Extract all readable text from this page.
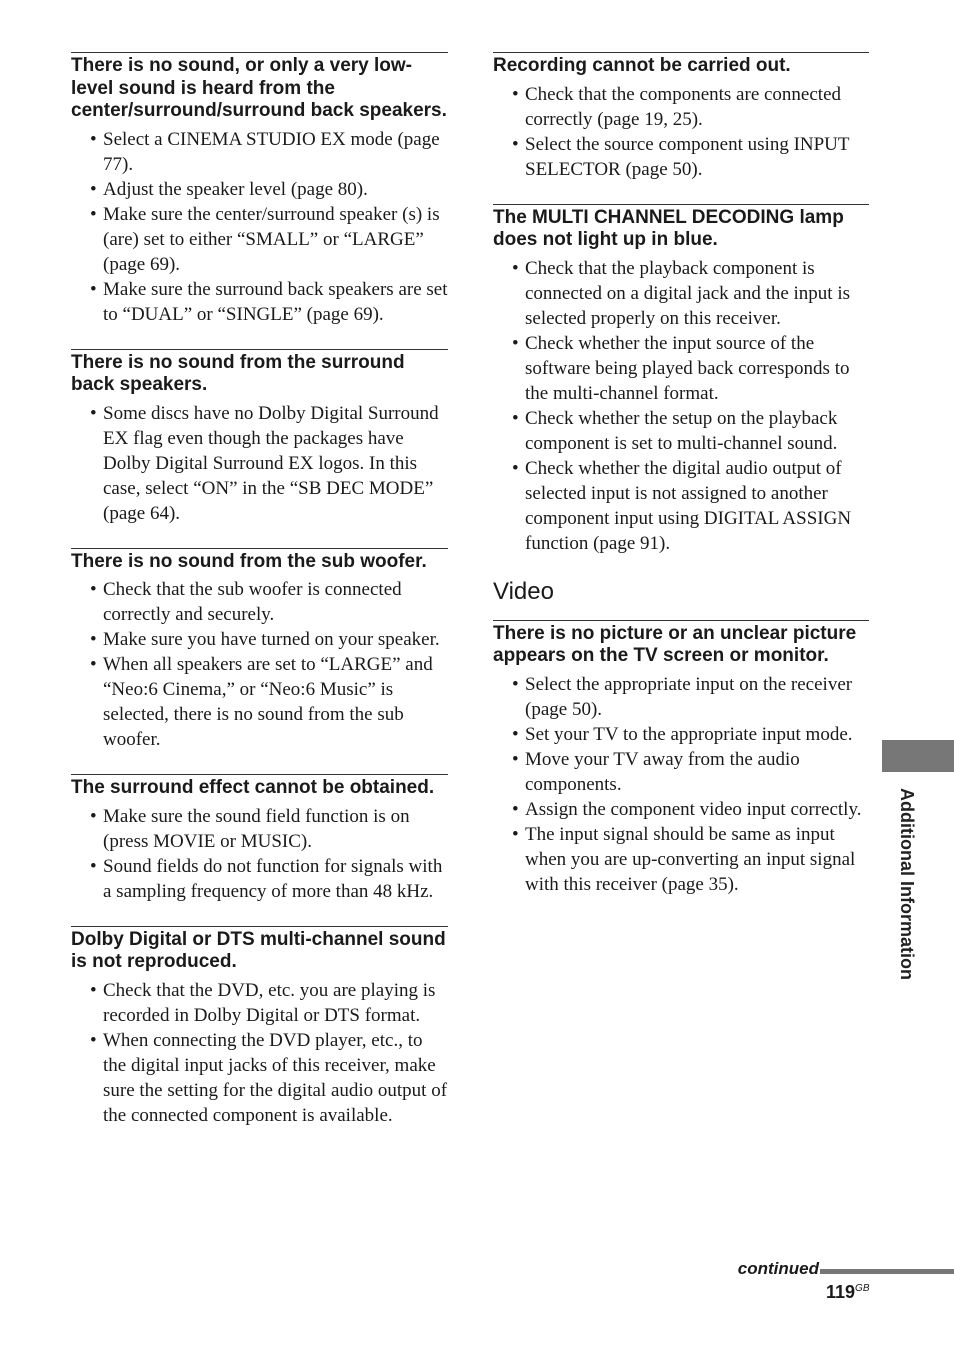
There is no sound, or only a very low-level sound is heard from the center/surround/surround back speakers.
• Select a CINEMA STUDIO EX mode (page 77).
• Adjust the speaker level (page 80).
• Make sure the center/surround speaker (s) is (are) set to either “SMALL” or “LARGE” (page 69).
• Make sure the surround back speakers are set to “DUAL” or “SINGLE” (page 69).
There is no sound from the surround back speakers.
• Some discs have no Dolby Digital Surround EX flag even though the packages have Dolby Digital Surround EX logos. In this case, select “ON” in the “SB DEC MODE” (page 64).
There is no sound from the sub woofer.
• Check that the sub woofer is connected correctly and securely.
• Make sure you have turned on your speaker.
• When all speakers are set to “LARGE” and “Neo:6 Cinema,” or “Neo:6 Music” is selected, there is no sound from the sub woofer.
The surround effect cannot be obtained.
• Make sure the sound field function is on (press MOVIE or MUSIC).
• Sound fields do not function for signals with a sampling frequency of more than 48 kHz.
Dolby Digital or DTS multi-channel sound is not reproduced.
• Check that the DVD, etc. you are playing is recorded in Dolby Digital or DTS format.
• When connecting the DVD player, etc., to the digital input jacks of this receiver, make sure the setting for the digital audio output of the connected component is available.
Recording cannot be carried out.
• Check that the components are connected correctly (page 19, 25).
• Select the source component using INPUT SELECTOR (page 50).
The MULTI CHANNEL DECODING lamp does not light up in blue.
• Check that the playback component is connected on a digital jack and the input is selected properly on this receiver.
• Check whether the input source of the software being played back corresponds to the multi-channel format.
• Check whether the setup on the playback component is set to multi-channel sound.
• Check whether the digital audio output of selected input is not assigned to another component input using DIGITAL ASSIGN function (page 91).
Video
There is no picture or an unclear picture appears on the TV screen or monitor.
• Select the appropriate input on the receiver (page 50).
• Set your TV to the appropriate input mode.
• Move your TV away from the audio components.
• Assign the component video input correctly.
• The input signal should be same as input when you are up-converting an input signal with this receiver (page 35).	Additional Information
continued
$119^{GB}$
